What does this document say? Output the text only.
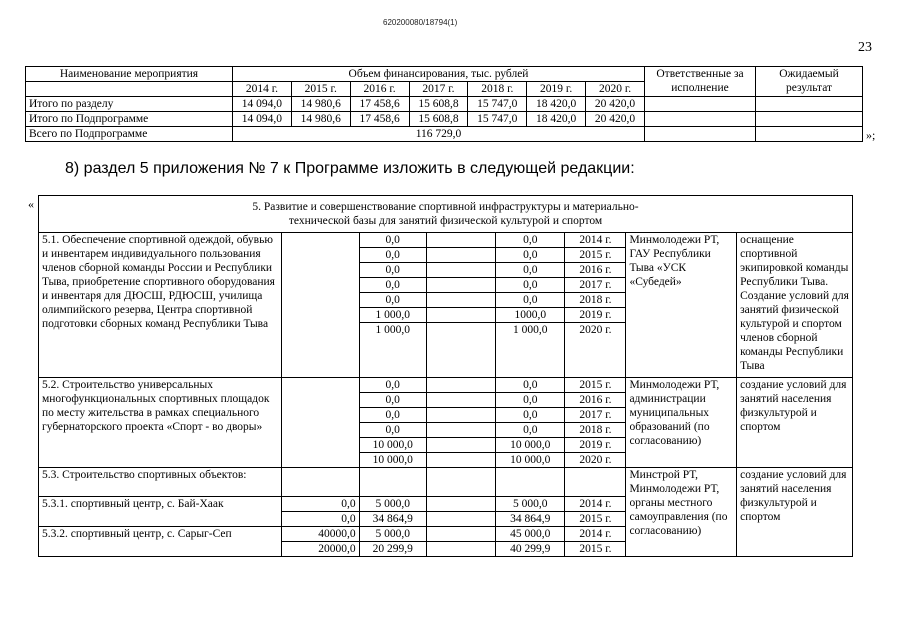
620200080/18794(1)
23
Наименование мероприятия	Объем финансирования, тыс. рублей							Ответственные за исполнение	Ожидаемый результат
	2014 г.	2015 г.	2016 г.	2017 г.	2018 г.	2019 г.	2020 г.		
Итого по разделу	14 094,0	14 980,6	17 458,6	15 608,8	15 747,0	18 420,0	20 420,0		
Итого по Подпрограмме	14 094,0	14 980,6	17 458,6	15 608,8	15 747,0	18 420,0	20 420,0		
Всего по Подпрограмме	116 729,0									»;
8) раздел 5 приложения № 7 к Программе изложить в следующей редакции:
«	5. Развитие и совершенствование спортивной инфраструктуры и материально-
технической базы для занятий физической культурой и спортом							

5.1. Обеспечение спортивной одеждой, обувью и инвентарем индивидуального пользования членов сборной команды России и Республики Тыва, приобретение спортивного оборудования и инвентаря для ДЮСШ, РДЮСШ, училища олимпийского резерва, Центра спортивной подготовки сборных команд Республики Тыва		0,0		0,0	2014 г.	Минмолодежи РТ, ГАУ Республики Тыва «УСК «Субедей»	оснащение спортивной экипировкой команды Республики Тыва. Создание условий для занятий физической культурой и спортом членов сборной команды Республики Тыва
		0,0		0,0	2015 г.		
		0,0		0,0	2016 г.		
		0,0		0,0	2017 г.		
		0,0		0,0	2018 г.		
		1 000,0		1000,0	2019 г.		
		1 000,0		1 000,0	2020 г.		
5.2. Строительство универсальных многофункциональных спортивных площадок по месту жительства в рамках специального губернаторского проекта «Спорт - во дворы»		0,0		0,0	2015 г.	Минмолодежи РТ, администрации муниципальных образований (по согласованию)	создание условий для занятий населения физкультурой и спортом
		0,0		0,0	2016 г.		
		0,0		0,0	2017 г.		
		0,0		0,0	2018 г.		
		10 000,0		10 000,0	2019 г.		
		10 000,0		10 000,0	2020 г.		
5.3. Строительство спортивных объектов:						Минстрой РТ, Минмолодежи РТ, органы местного самоуправления (по согласованию)	создание условий для занятий населения физкультурой и спортом
5.3.1. спортивный центр, с. Бай-Хаак	0,0	5 000,0		5 000,0	2014 г.		
	0,0	34 864,9		34 864,9	2015 г.		
5.3.2. спортивный центр, с. Сарыг-Сеп	40000,0	5 000,0		45 000,0	2014 г.		
	20000,0	20 299,9		40 299,9	2015 г.		
